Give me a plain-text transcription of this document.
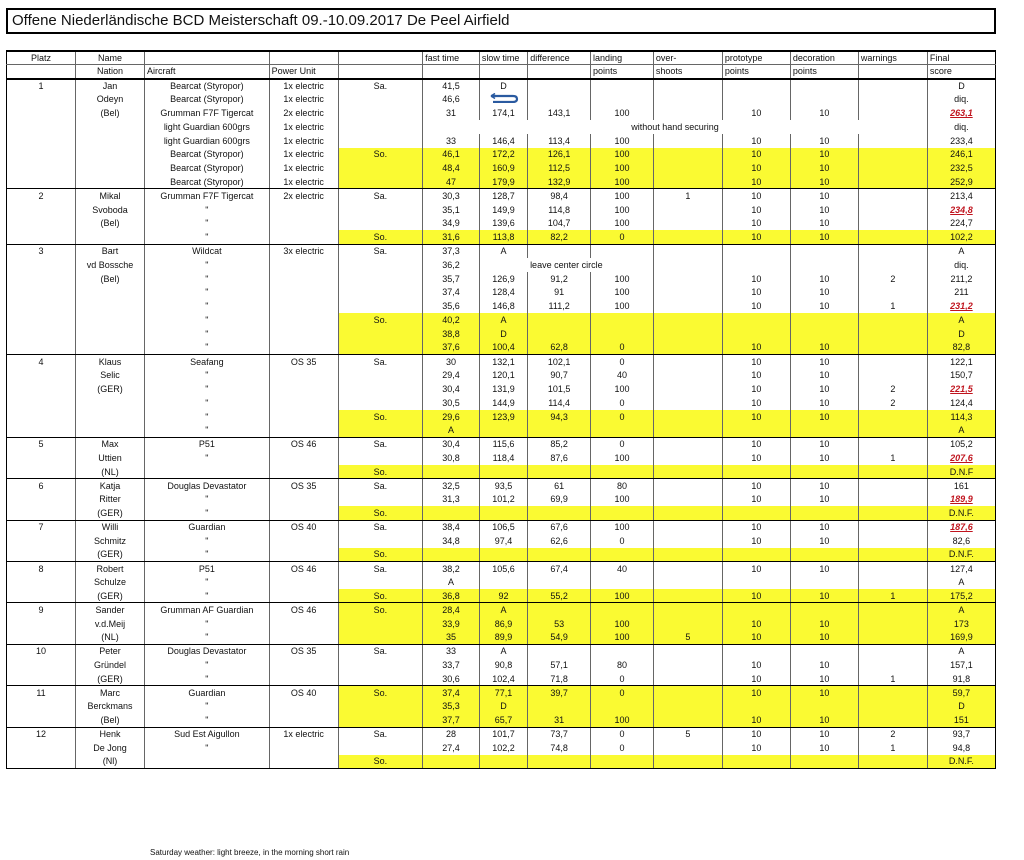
Offene Niederländische BCD Meisterschaft 09.-10.09.2017 De Peel Airfield
Platz	Name				fast time	slow time	difference	landing	over-	prototype	decoration	warnings	Final
	Nation	Aircraft	Power Unit					points	shoots	points	points		score
1	Jan	Bearcat (Styropor)	1x electric	Sa.	41,5	D							D
	Odeyn	Bearcat (Styropor)	1x electric		46,6								diq.
	(Bel)	Grumman F7F Tigercat	2x electric		31	174,1	143,1	100		10	10		263,1
		light Guardian 600grs	1x electric		without hand securing								diq.
		light Guardian 600grs	1x electric		33	146,4	113,4	100		10	10		233,4
		Bearcat (Styropor)	1x electric	So.	46,1	172,2	126,1	100		10	10		246,1
		Bearcat (Styropor)	1x electric		48,4	160,9	112,5	100		10	10		232,5
		Bearcat (Styropor)	1x electric		47	179,9	132,9	100		10	10		252,9
2	Mikal	Grumman F7F Tigercat	2x electric	Sa.	30,3	128,7	98,4	100	1	10	10		213,4
	Svoboda	"			35,1	149,9	114,8	100		10	10		234,8
	(Bel)	"			34,9	139,6	104,7	100		10	10		224,7
		"		So.	31,6	113,8	82,2	0		10	10		102,2
3	Bart	Wildcat	3x electric	Sa.	37,3	A							A
	vd Bossche	"			36,2	leave center circle							diq.
	(Bel)	"			35,7	126,9	91,2	100		10	10	2	211,2
		"			37,4	128,4	91	100		10	10		211
		"			35,6	146,8	111,2	100		10	10	1	231,2
		"		So.	40,2	A							A
		"			38,8	D							D
		"			37,6	100,4	62,8	0		10	10		82,8
4	Klaus	Seafang	OS 35	Sa.	30	132,1	102,1	0		10	10		122,1
	Selic	"			29,4	120,1	90,7	40		10	10		150,7
	(GER)	"			30,4	131,9	101,5	100		10	10	2	221,5
		"			30,5	144,9	114,4	0		10	10	2	124,4
		"		So.	29,6	123,9	94,3	0		10	10		114,3
		"			A								A
5	Max	P51	OS 46	Sa.	30,4	115,6	85,2	0		10	10		105,2
	Uttien	"			30,8	118,4	87,6	100		10	10	1	207,6
	(NL)			So.									D.N.F
6	Katja	Douglas Devastator	OS 35	Sa.	32,5	93,5	61	80		10	10		161
	Ritter	"			31,3	101,2	69,9	100		10	10		189,9
	(GER)	"		So.									D.N.F.
7	Willi	Guardian	OS 40	Sa.	38,4	106,5	67,6	100		10	10		187,6
	Schmitz	"			34,8	97,4	62,6	0		10	10		82,6
	(GER)	"		So.									D.N.F.
8	Robert	P51	OS 46	Sa.	38,2	105,6	67,4	40		10	10		127,4
	Schulze	"			A								A
	(GER)	"		So.	36,8	92	55,2	100		10	10	1	175,2
9	Sander	Grumman AF Guardian	OS 46	So.	28,4	A							A
	v.d.Meij	"			33,9	86,9	53	100		10	10		173
	(NL)	"			35	89,9	54,9	100	5	10	10		169,9
10	Peter	Douglas Devastator	OS 35	Sa.	33	A							A
	Gründel	"			33,7	90,8	57,1	80		10	10		157,1
	(GER)	"			30,6	102,4	71,8	0		10	10	1	91,8
11	Marc	Guardian	OS 40	So.	37,4	77,1	39,7	0		10	10		59,7
	Berckmans	"			35,3	D							D
	(Bel)	"			37,7	65,7	31	100		10	10		151
12	Henk	Sud Est Aigullon	1x electric	Sa.	28	101,7	73,7	0	5	10	10	2	93,7
	De Jong	"			27,4	102,2	74,8	0		10	10	1	94,8
	(Nl)			So.									D.N.F.
Saturday weather: light breeze, in the morning short rain
